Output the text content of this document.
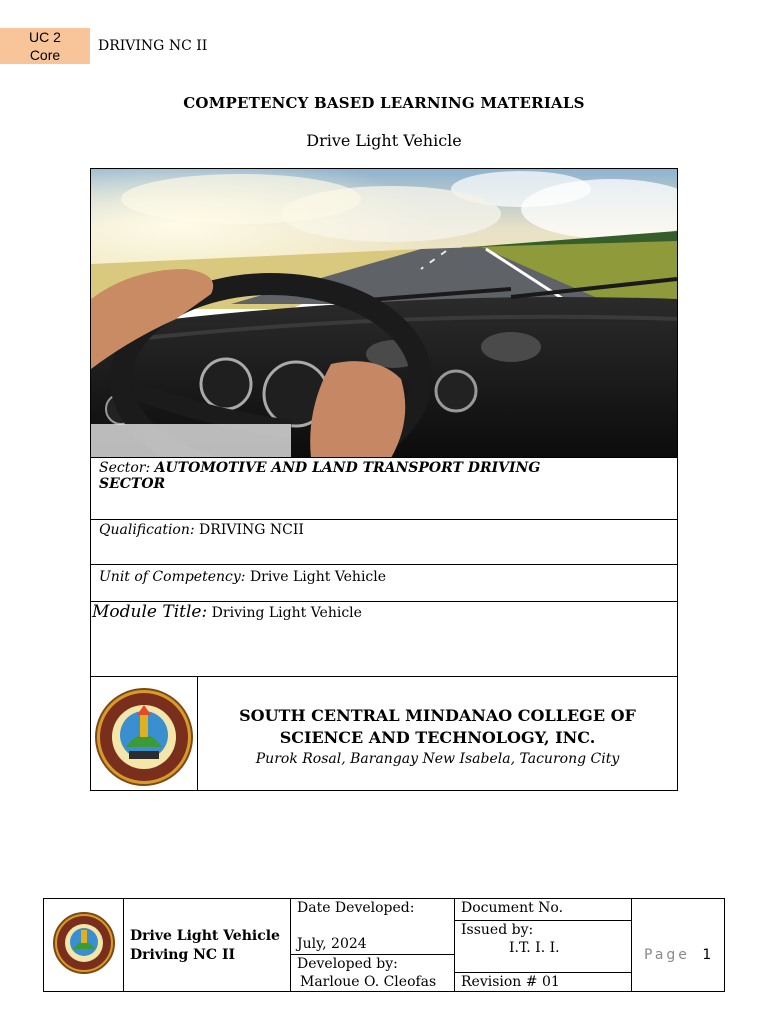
UC 2
Core
DRIVING NC II
COMPETENCY BASED LEARNING MATERIALS
Drive Light Vehicle
Sector: AUTOMOTIVE AND LAND TRANSPORT DRIVING
SECTOR
Qualification: DRIVING NCII
Unit of Competency: Drive Light Vehicle
Module Title: Driving Light Vehicle
SOUTH CENTRAL MINDANAO COLLEGE OF
SCIENCE AND TECHNOLOGY, INC.
Purok Rosal, Barangay New Isabela, Tacurong City
Drive Light Vehicle
Driving NC II
Date Developed:
July, 2024
Developed by:
Marloue O. Cleofas
Document No.
Issued by:
I.T. I. I.
Revision # 01
Page 1
